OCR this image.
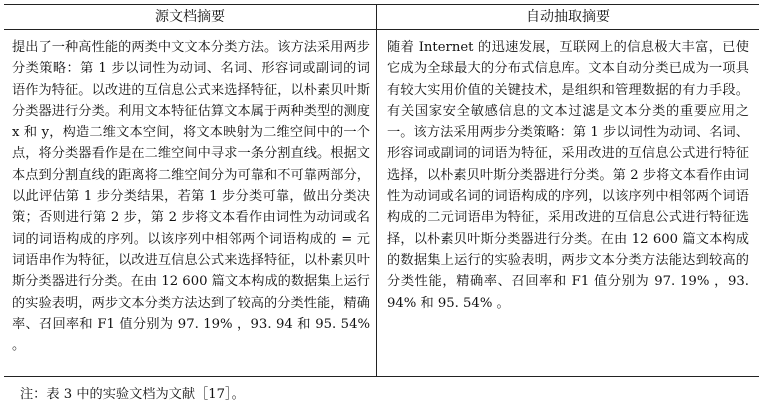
源文档摘要	自动抽取摘要
提出了一种高性能的两类中文文本分类方法。该方法采用两步分类策略：第 1 步以词性为动词、名词、形容词或副词的词语作为特征。以改进的互信息公式来选择特征，以朴素贝叶斯分类器进行分类。利用文本特征估算文本属于两种类型的测度 x 和 y，构造二维文本空间，将文本映射为二维空间中的一个点，将分类器看作是在二维空间中寻求一条分割直线。根据文本点到分割直线的距离将二维空间分为可靠和不可靠两部分，以此评估第 1 步分类结果，若第 1 步分类可靠，做出分类决策；否则进行第 2 步，第 2 步将文本看作由词性为动词或名词的词语构成的序列。以该序列中相邻两个词语构成的 = 元词语串作为特征，以改进互信息公式来选择特征，以朴素贝叶斯分类器进行分类。在由 12 600 篇文本构成的数据集上运行的实验表明，两步文本分类方法达到了较高的分类性能，精确率、召回率和 F1 值分别为 97. 19% ，93. 94 和 95. 54% 。
随着 Internet 的迅速发展，互联网上的信息极大丰富，已使它成为全球最大的分布式信息库。文本自动分类已成为一项具有较大实用价值的关键技术，是组织和管理数据的有力手段。有关国家安全敏感信息的文本过滤是文本分类的重要应用之一。该方法采用两步分类策略：第 1 步以词性为动词、名词、形容词或副词的词语为特征，采用改进的互信息公式进行特征选择，以朴素贝叶斯分类器进行分类。第 2 步将文本看作由词性为动词或名词的词语构成的序列，以该序列中相邻两个词语构成的二元词语串为特征，采用改进的互信息公式进行特征选择，以朴素贝叶斯分类器进行分类。在由 12 600 篇文本构成的数据集上运行的实验表明，两步文本分类方法能达到较高的分类性能，精确率、召回率和 F1 值分别为 97. 19% ，93. 94% 和 95. 54% 。
注：表 3 中的实验文档为文献［17］。
